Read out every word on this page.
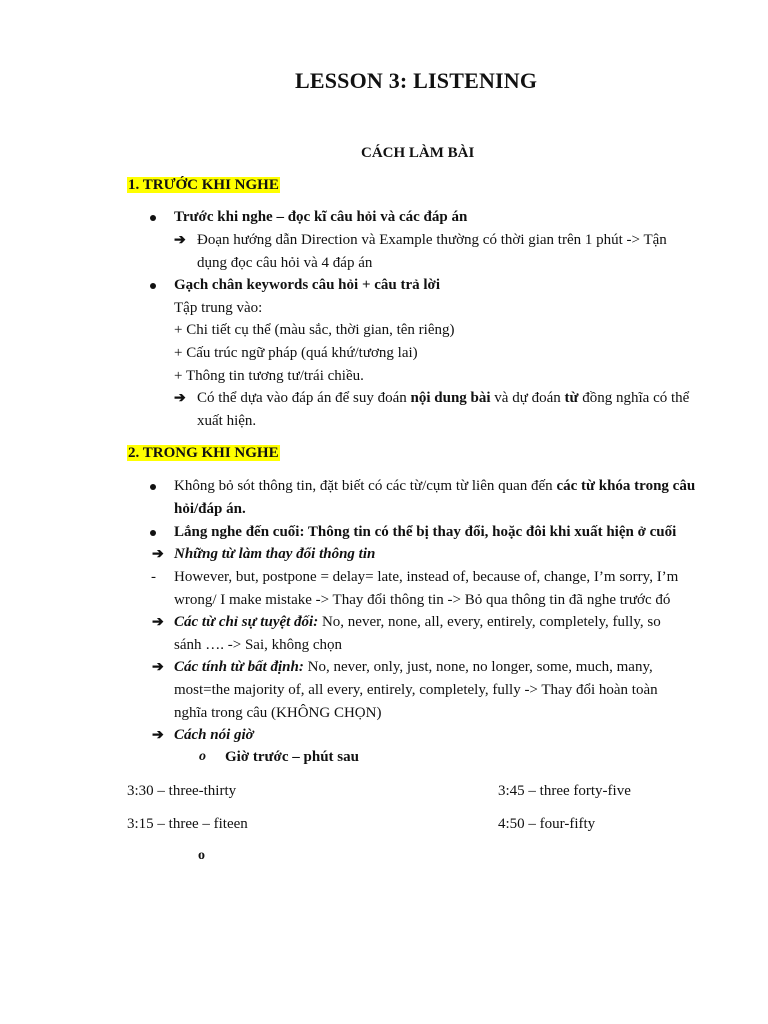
LESSON 3: LISTENING
CÁCH LÀM BÀI
1. TRƯỚC KHI NGHE
Trước khi nghe – đọc kĩ câu hỏi và các đáp án
➔ Đoạn hướng dẫn Direction và Example thường có thời gian trên 1 phút -> Tận
dụng đọc câu hỏi và 4 đáp án
Gạch chân keywords câu hỏi + câu trả lời
Tập trung vào:
+ Chi tiết cụ thể (màu sắc, thời gian, tên riêng)
+ Cấu trúc ngữ pháp (quá khứ/tương lai)
+ Thông tin tương tư/trái chiều.
➔ Có thể dựa vào đáp án để suy đoán nội dung bài và dự đoán từ đồng nghĩa có thể
xuất hiện.
2. TRONG KHI NGHE
Không bỏ sót thông tin, đặt biết có các từ/cụm từ liên quan đến các từ khóa trong câu
hỏi/đáp án.
Lắng nghe đến cuối: Thông tin có thể bị thay đổi, hoặc đôi khi xuất hiện ở cuối
➔ Những từ làm thay đổi thông tin
- However, but, postpone = delay= late, instead of, because of, change, I’m sorry, I’m
wrong/ I make mistake -> Thay đổi thông tin -> Bỏ qua thông tin đã nghe trước đó
➔ Các từ chỉ sự tuyệt đối: No, never, none, all, every, entirely, completely, fully, so
sánh …. -> Sai, không chọn
➔ Các tính từ bất định: No, never, only, just, none, no longer, some, much, many,
most=the majority of, all every, entirely, completely, fully -> Thay đổi hoàn toàn
nghĩa trong câu (KHÔNG CHỌN)
➔ Cách nói giờ
o Giờ trước – phút sau
3:30 – three-thirty	3:45 – three forty-five
3:15 – three – fiteen	4:50 – four-fifty
o
